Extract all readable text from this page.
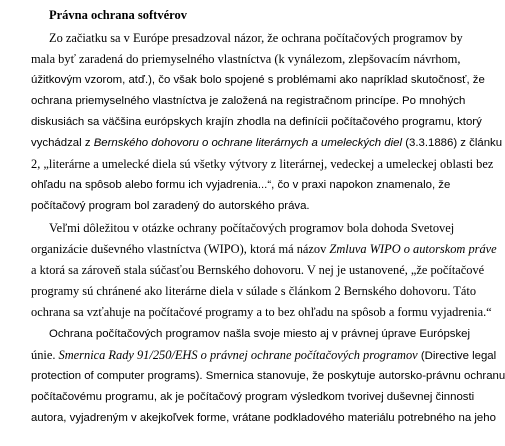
Právna ochrana softvérov
Zo začiatku sa v Európe presadzoval názor, že ochrana počítačových programov by
mala byť zaradená do priemyselného vlastníctva (k vynálezom, zlepšovacím návrhom,
úžitkovým vzorom, atď.), čo však bolo spojené s problémami ako napríklad skutočnosť, že
ochrana priemyselného vlastníctva je založená na registračnom princípe. Po mnohých
diskusiách sa väčšina európskych krajín zhodla na definícii počítačového programu, ktorý
vychádzal z Bernského dohovoru o ochrane literárnych a umeleckých diel (3.3.1886) z článku
2, „literárne a umelecké diela sú všetky výtvory z literárnej, vedeckej a umeleckej oblasti bez
ohľadu na spôsob alebo formu ich vyjadrenia...“, čo v praxi napokon znamenalo, že
počítačový program bol zaradený do autorského práva.
Veľmi dôležitou v otázke ochrany počítačových programov bola dohoda Svetovej
organizácie duševného vlastníctva (WIPO), ktorá má názov Zmluva WIPO o autorskom práve
a ktorá sa zároveň stala súčasťou Bernského dohovoru. V nej je ustanovené, „že počítačové
programy sú chránené ako literárne diela v súlade s článkom 2 Bernského dohovoru. Táto
ochrana sa vzťahuje na počítačové programy a to bez ohľadu na spôsob a formu vyjadrenia.“
Ochrana počítačových programov našla svoje miesto aj v právnej úprave Európskej
únie. Smernica Rady 91/250/EHS o právnej ochrane počítačových programov (Directive legal
protection of computer programs). Smernica stanovuje, že poskytuje autorsko-právnu ochranu
počítačovému programu, ak je počítačový program výsledkom tvorivej duševnej činnosti
autora, vyjadreným v akejkoľvek forme, vrátane podkladového materiálu potrebného na jeho
